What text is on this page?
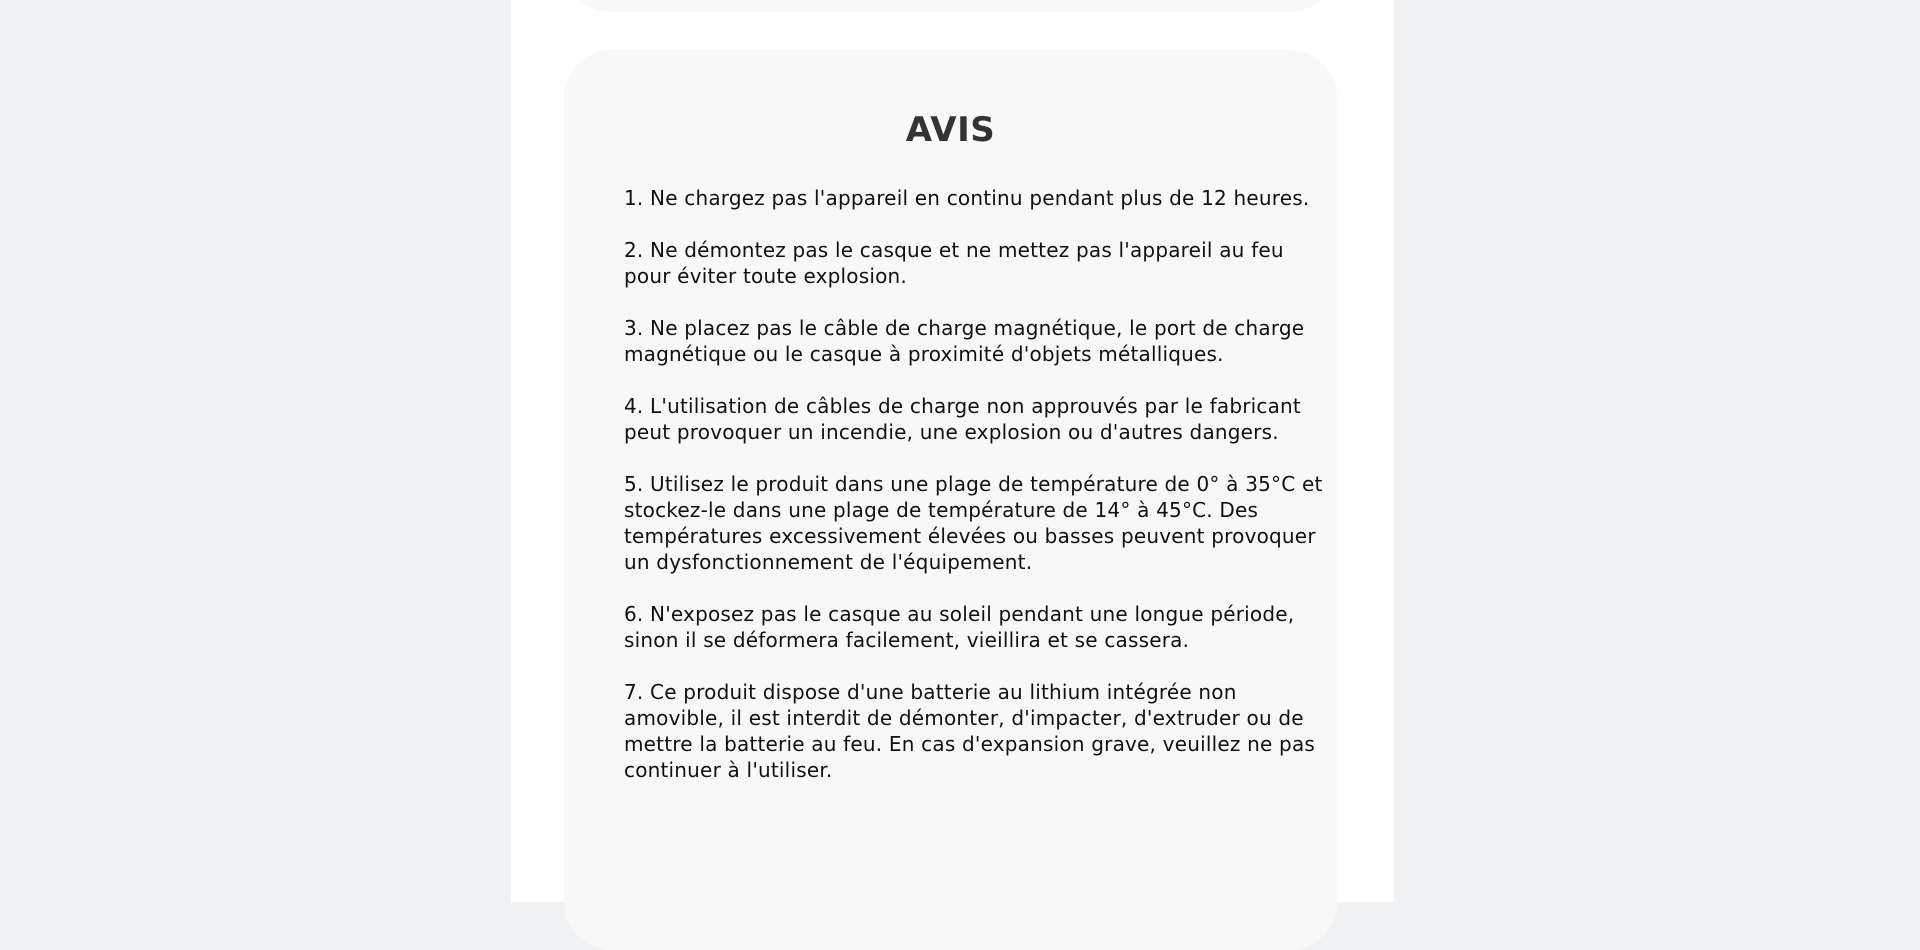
AVIS
1. Ne chargez pas l'appareil en continu pendant plus de 12 heures.
2. Ne démontez pas le casque et ne mettez pas l'appareil au feu pour éviter toute explosion.
3. Ne placez pas le câble de charge magnétique, le port de charge magnétique ou le casque à proximité d'objets métalliques.
4. L'utilisation de câbles de charge non approuvés par le fabricant peut provoquer un incendie, une explosion ou d'autres dangers.
5. Utilisez le produit dans une plage de température de 0° à 35°C et stockez-le dans une plage de température de 14° à 45°C. Des températures excessivement élevées ou basses peuvent provoquer un dysfonctionnement de l'équipement.
6. N'exposez pas le casque au soleil pendant une longue période, sinon il se déformera facilement, vieillira et se cassera.
7. Ce produit dispose d'une batterie au lithium intégrée non amovible, il est interdit de démonter, d'impacter, d'extruder ou de mettre la batterie au feu. En cas d'expansion grave, veuillez ne pas continuer à l'utiliser.
